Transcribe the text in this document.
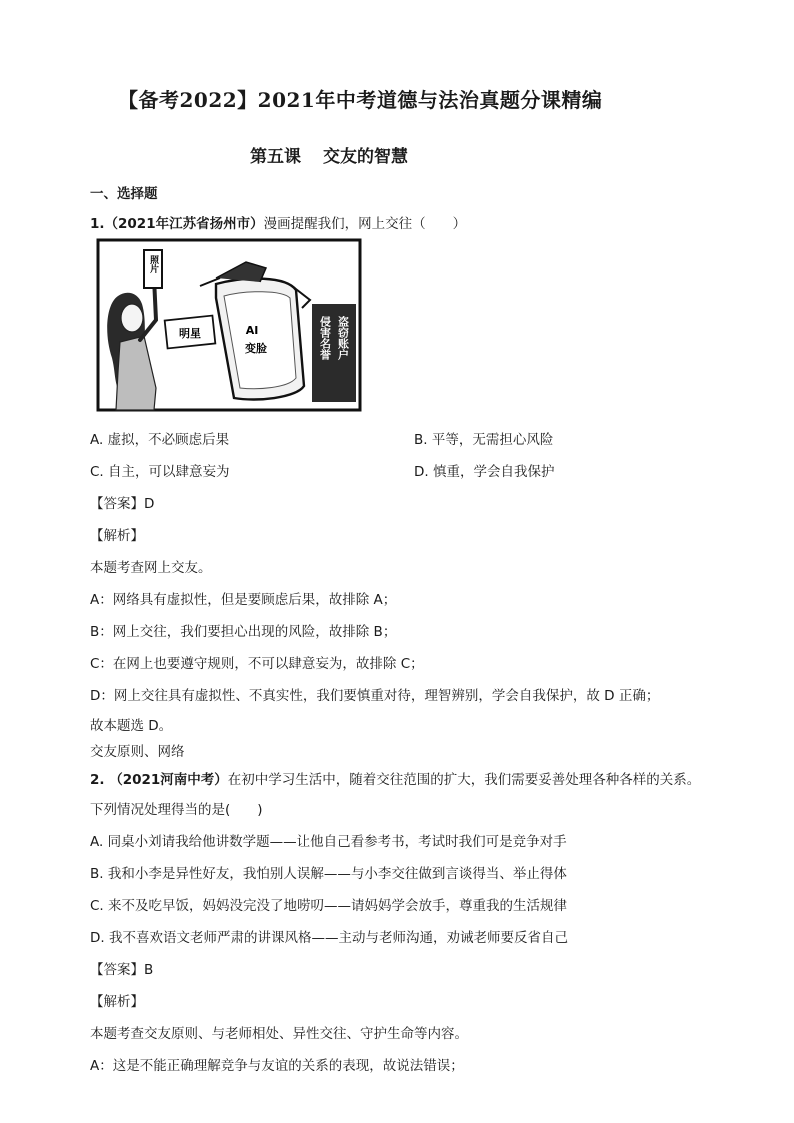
【备考2022】2021年中考道德与法治真题分课精编
第五课 交友的智慧
一、选择题
1.（2021年江苏省扬州市）漫画提醒我们，网上交往（　　）
照片
明星	AI
变脸	盗窃账户
侵害名誉
A. 虚拟，不必顾虑后果	B. 平等，无需担心风险
C. 自主，可以肆意妄为	D. 慎重，学会自我保护
【答案】D
【解析】
本题考查网上交友。
A：网络具有虚拟性，但是要顾虑后果，故排除 A；
B：网上交往，我们要担心出现的风险，故排除 B；
C：在网上也要遵守规则，不可以肆意妄为，故排除 C；
D：网上交往具有虚拟性、不真实性，我们要慎重对待，理智辨别，学会自我保护，故 D 正确；
故本题选 D。
交友原则、网络
2. （2021河南中考）在初中学习生活中，随着交往范围的扩大，我们需要妥善处理各种各样的关系。
下列情况处理得当的是(　　)
A. 同桌小刘请我给他讲数学题——让他自己看参考书，考试时我们可是竞争对手
B. 我和小李是异性好友，我怕别人误解——与小李交往做到言谈得当、举止得体
C. 来不及吃早饭，妈妈没完没了地唠叨——请妈妈学会放手，尊重我的生活规律
D. 我不喜欢语文老师严肃的讲课风格——主动与老师沟通，劝诫老师要反省自己
【答案】B
【解析】
本题考查交友原则、与老师相处、异性交往、守护生命等内容。
A：这是不能正确理解竞争与友谊的关系的表现，故说法错误；
